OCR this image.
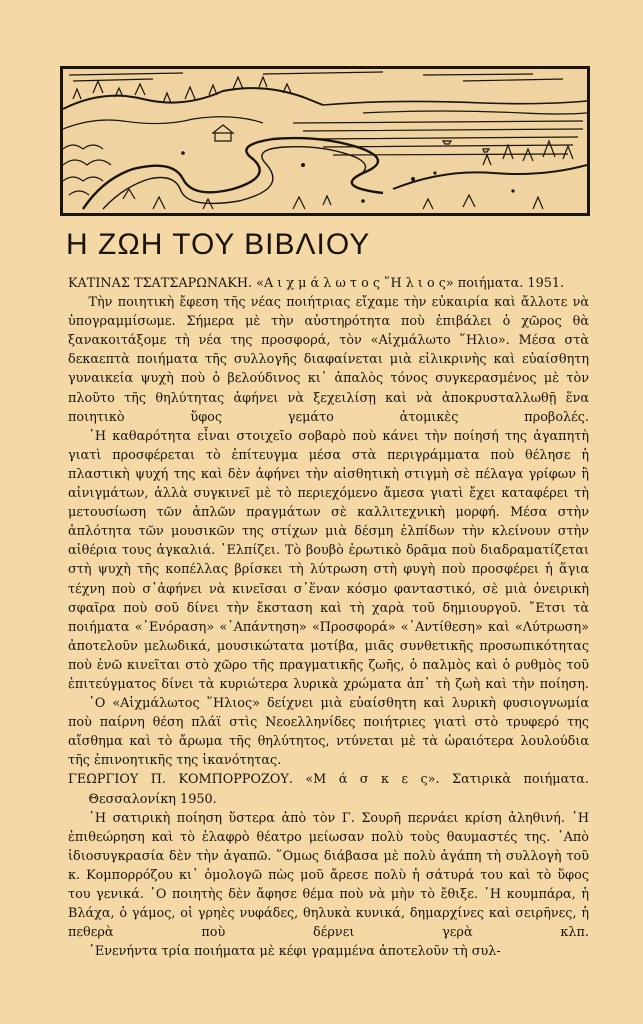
Η ΖΩΗ ΤΟΥ ΒΙΒΛΙΟΥ

ΚΑΤΙΝΑΣ ΤΣΑΤΣΑΡΩΝΑΚΗ. «Α ι χ μ ά λ ω τ ο ς ῞Η λ ι ο ς» ποιήματα. 1951.

Τὴν ποιητικὴ ἔφεση τῆς νέας ποιήτριας εἴχαμε τὴν εὐκαιρία καὶ ἄλλοτε νὰ ὑπογραμμίσωμε. Σήμερα μὲ τὴν αὐστηρότητα ποὺ ἐπιβάλει ὁ χῶρος θὰ ξανακοιτάξομε τὴ νέα της προσφορά, τὸν «Αἰχμάλωτο ῞Ηλιο». Μέσα στὰ δεκαεπτὰ ποιήματα τῆς συλλογῆς διαφαίνεται μιὰ εἰλικρινὴς καὶ εὐαίσθητη γυναικεία ψυχὴ ποὺ ὁ βελούδινος κι᾽ ἁπαλὸς τόνος συγκερασμένος μὲ τὸν πλοῦτο τῆς θηλύτητας ἀφήνει νὰ ξεχειλίσῃ καὶ νὰ ἀποκρυσταλλωθῇ ἕνα ποιητικὸ ὕφος γεμάτο ἀτομικὲς προβολές.

῾Η καθαρότητα εἶναι στοιχεῖο σοβαρὸ ποὺ κάνει τὴν ποίησή της ἀγαπητὴ γιατὶ προσφέρεται τὸ ἐπίτευγμα μέσα στὰ περιγράμματα ποὺ θέλησε ἡ πλαστικὴ ψυχή της καὶ δὲν ἀφήνει τὴν αἰσθητικὴ στιγμὴ σὲ πέλαγα γρίφων ἢ αἰνιγμάτων, ἀλλὰ συγκινεῖ μὲ τὸ περιεχόμενο ἄμεσα γιατὶ ἔχει καταφέρει τὴ μετουσίωση τῶν ἁπλῶν πραγμάτων σὲ καλλιτεχνικὴ μορφή. Μέσα στὴν ἁπλότητα τῶν μουσικῶν της στίχων μιὰ δέσμη ἐλπίδων τὴν κλείνουν στὴν αἰθέρια τους ἀγκαλιά. ᾽Ελπίζει. Τὸ βουβὸ ἐρωτικὸ δρᾶμα ποὺ διαδραματίζεται στὴ ψυχὴ τῆς κοπέλλας βρίσκει τὴ λύτρωση στὴ φυγὴ ποὺ προσφέρει ἡ ἅγια τέχνη ποὺ σ᾽ἀφήνει νὰ κινεῖσαι σ᾽ἕναν κόσμο φανταστικό, σὲ μιὰ ὀνειρικὴ σφαῖρα ποὺ σοῦ δίνει τὴν ἔκσταση καὶ τὴ χαρὰ τοῦ δημιουργοῦ. ῎Ετσι τὰ ποιήματα «᾽Ενόραση» «᾽Απάντηση» «Προσφορά» «᾽Αντίθεση» καὶ «Λύτρωση» ἀποτελοῦν μελωδικά, μουσικώτατα μοτίβα, μιᾶς συνθετικῆς προσωπικότητας ποὺ ἐνῶ κινεῖται στὸ χῶρο τῆς πραγματικῆς ζωῆς, ὁ παλμὸς καὶ ὁ ρυθμὸς τοῦ ἐπιτεύγματος δίνει τὰ κυριώτερα λυρικὰ χρώματα ἀπ᾽ τὴ ζωὴ καὶ τὴν ποίηση.

῾Ο «Αἰχμάλωτος ῞Ηλιος» δείχνει μιὰ εὐαίσθητη καὶ λυρικὴ φυσιογνωμία ποὺ παίρνη θέση πλάϊ στὶς Νεοελληνίδες ποιήτριες γιατὶ στὸ τρυφερό της αἴσθημα καὶ τὸ ἄρωμα τῆς θηλύτητος, ντύνεται μὲ τὰ ὡραιότερα λουλούδια τῆς ἐπινοητικῆς της ἱκανότητας.

ΓΕΩΡΓΙΟΥ Π. ΚΟΜΠΟΡΡΟΖΟΥ. «Μ ά σ κ ε ς». Σατιρικὰ ποιήματα. Θεσσαλονίκη 1950.

῾Η σατιρικὴ ποίηση ὕστερα ἀπὸ τὸν Γ. Σουρῆ περνάει κρίση ἀληθινή. ῾Η ἐπιθεώρηση καὶ τὸ ἐλαφρὸ θέατρο μείωσαν πολὺ τοὺς θαυμαστές της. ᾽Απὸ ἰδιοσυγκρασία δὲν τὴν ἀγαπῶ. ῞Ομως διάβασα μὲ πολὺ ἀγάπη τὴ συλλογὴ τοῦ κ. Κομπορρόζου κι᾽ ὁμολογῶ πὼς μοῦ ἄρεσε πολὺ ἡ σάτυρά του καὶ τὸ ὕφος του γενικά. ῾Ο ποιητὴς δὲν ἄφησε θέμα ποὺ νὰ μὴν τὸ ἔθιξε. ῾Η κουμπάρα, ἡ Βλάχα, ὁ γάμος, οἱ γρηὲς νυφάδες, θηλυκὰ κυνικά, δημαρχίνες καὶ σειρῆνες, ἡ πεθερὰ ποὺ δέρνει γερὰ κλπ.

᾽Ενενήντα τρία ποιήματα μὲ κέφι γραμμένα ἀποτελοῦν τὴ συλ-
